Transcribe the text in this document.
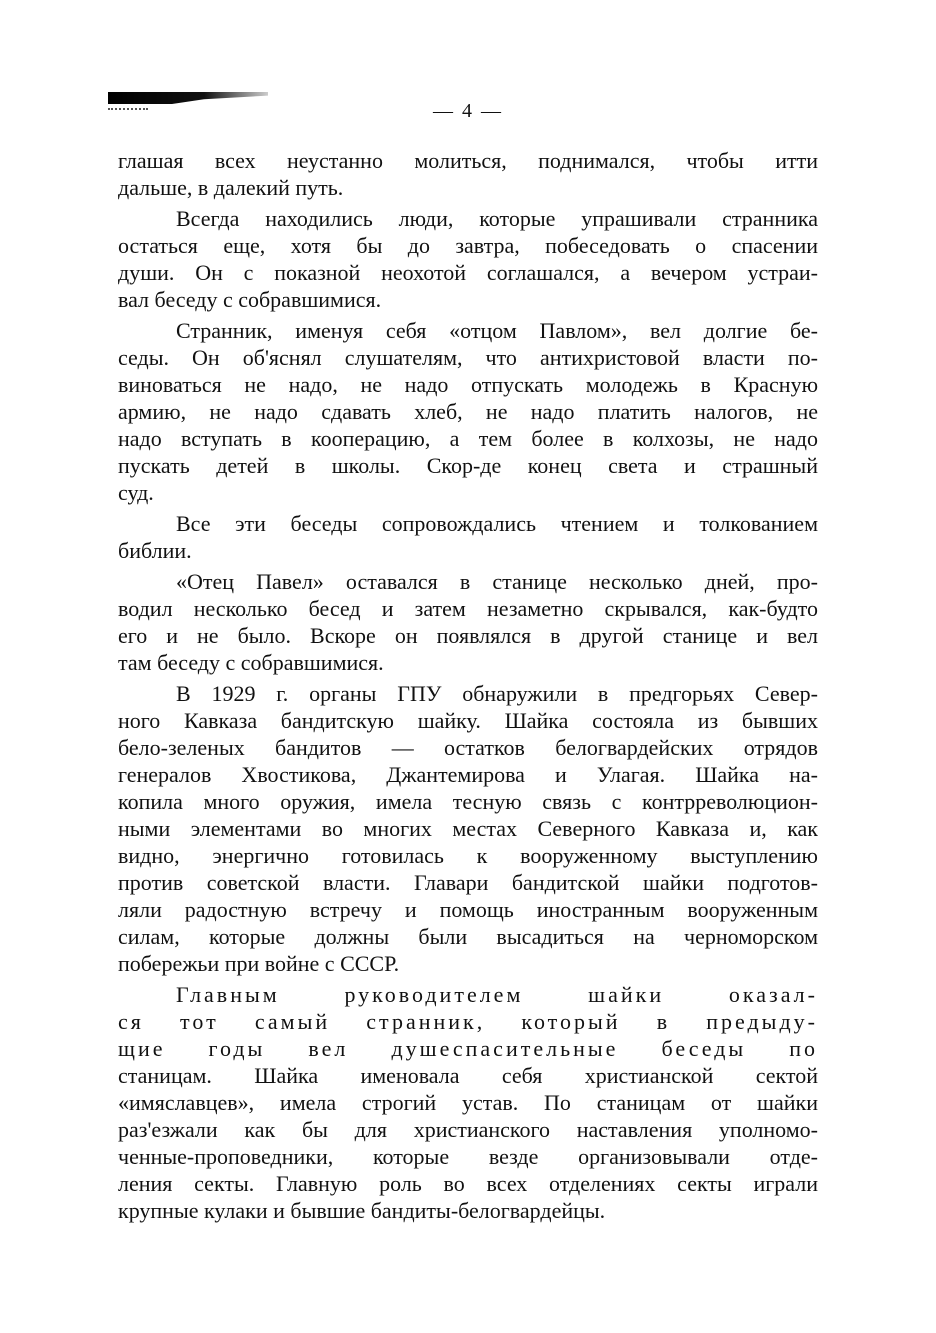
— 4 —
глашая всех неустанно молиться, поднимался, чтобы итти
дальше, в далекий путь.
Всегда находились люди, которые упрашивали странника
остаться еще, хотя бы до завтра, побеседовать о спасении
души. Он с показной неохотой соглашался, а вечером устраи-
вал беседу с собравшимися.
Странник, именуя себя «отцом Павлом», вел долгие бе-
седы. Он об'яснял слушателям, что антихристовой власти по-
виноваться не надо, не надо отпускать молодежь в Красную
армию, не надо сдавать хлеб, не надо платить налогов, не
надо вступать в кооперацию, а тем более в колхозы, не надо
пускать детей в школы. Скор-де конец света и страшный
суд.
Все эти беседы сопровождались чтением и толкованием
библии.
«Отец Павел» оставался в станице несколько дней, про-
водил несколько бесед и затем незаметно скрывался, как-будто
его и не было. Вскоре он появлялся в другой станице и вел
там беседу с собравшимися.
В 1929 г. органы ГПУ обнаружили в предгорьях Север-
ного Кавказа бандитскую шайку. Шайка состояла из бывших
бело-зеленых бандитов — остатков белогвардейских отрядов
генералов Хвостикова, Джантемирова и Улагая. Шайка на-
копила много оружия, имела тесную связь с контрреволюцион-
ными элементами во многих местах Северного Кавказа и, как
видно, энергично готовилась к вооруженному выступлению
против советской власти. Главари бандитской шайки подготов-
ляли радостную встречу и помощь иностранным вооруженным
силам, которые должны были высадиться на черноморском
побережьи при войне с СССР.
Главным руководителем шайки оказал-
ся тот самый странник, который в предыду-
щие годы вел душеспасительные беседы по
станицам. Шайка именовала себя христианской сектой
«имяславцев», имела строгий устав. По станицам от шайки
раз'езжали как бы для христианского наставления уполномо-
ченные-проповедники, которые везде организовывали отде-
ления секты. Главную роль во всех отделениях секты играли
крупные кулаки и бывшие бандиты-белогвардейцы.
